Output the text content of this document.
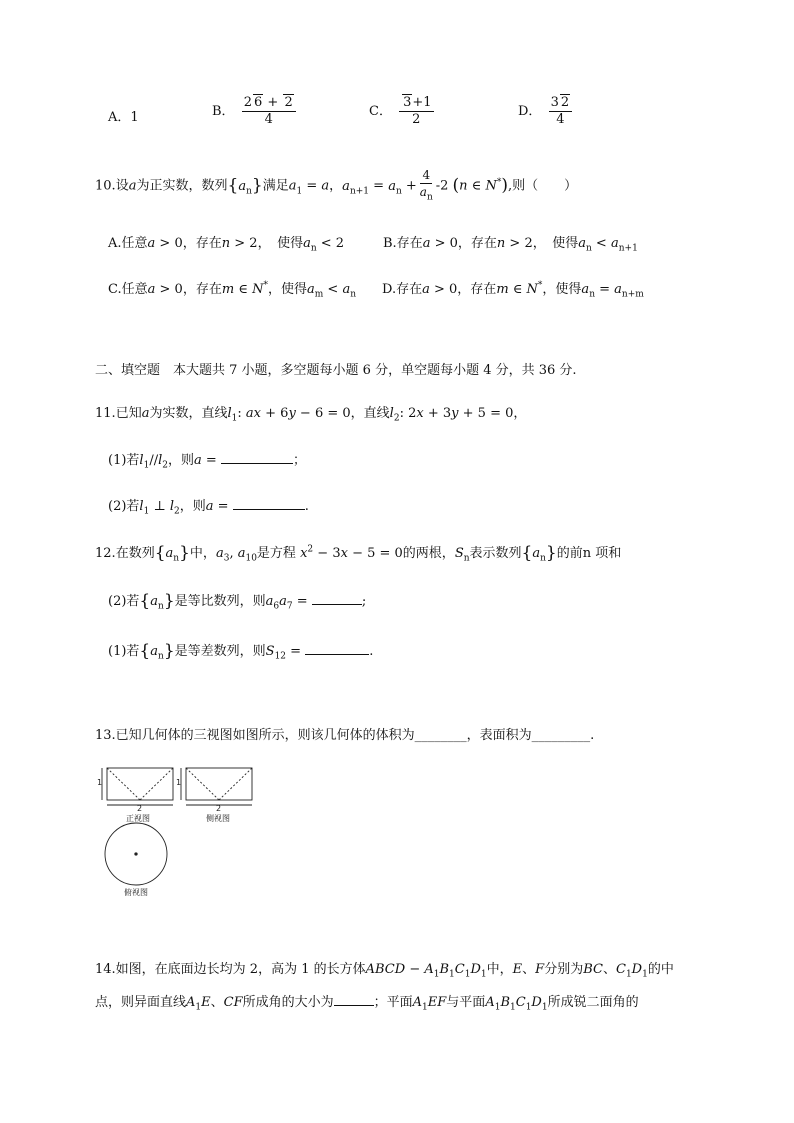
A．1	B． $\frac{2 6 + 2}{4}$	C． $\frac{3+1}{2}$	D． $\frac{3 2}{4}$
10.设a为正实数，数列$\{a_n\}$满足$a_1 = a$，$a_{n+1} = a_n + \frac{4}{a_n} -2$ (n ∈ N*),则（　　）
A.任意a > 0，存在n > 2，　使得$a_n < 2$	B.存在a > 0，存在n > 2，　使得$a_n < a_{n+1}$
C.任意a > 0，存在m ∈ N*，使得$a_m < a_n$ D.存在a > 0，存在m ∈ N*，使得$a_n = a_{n+m}$
二、填空题　本大题共 7 小题，多空题每小题 6 分，单空题每小题 4 分，共 36 分.
11.已知a为实数，直线$l_1$: ax + 6y − 6 = 0，直线$l_2$: 2x + 3y + 5 = 0，
(1)若$l_1//l_2$，则a =	；
(2)若$l_1$ ⊥ $l_2$，则a =	.
12.在数列$\{a_n\}$中，$a_3$, $a_{10}$是方程 $x^2 - 3x - 5 = 0$的两根，$S_n$表示数列$\{a_n\}$的前n 项和
(2)若$\{a_n\}$是等比数列，则$a_6a_7$ =	;
(1)若$\{a_n\}$是等差数列，则$S_{12}$ =	.
13.已知几何体的三视图如图所示，则该几何体的体积为________，表面积为_________.
1
2
1
2
正视图	侧视图
俯视图
14.如图，在底面边长均为 2，高为 1 的长方体ABCD − $A_1B_1C_1D_1$中，E、F分别为BC、$C_1D_1$的中
点，则异面直线$A_1E$、CF所成角的大小为	；平面$A_1EF$与平面$A_1B_1C_1D_1$所成锐二面角的
